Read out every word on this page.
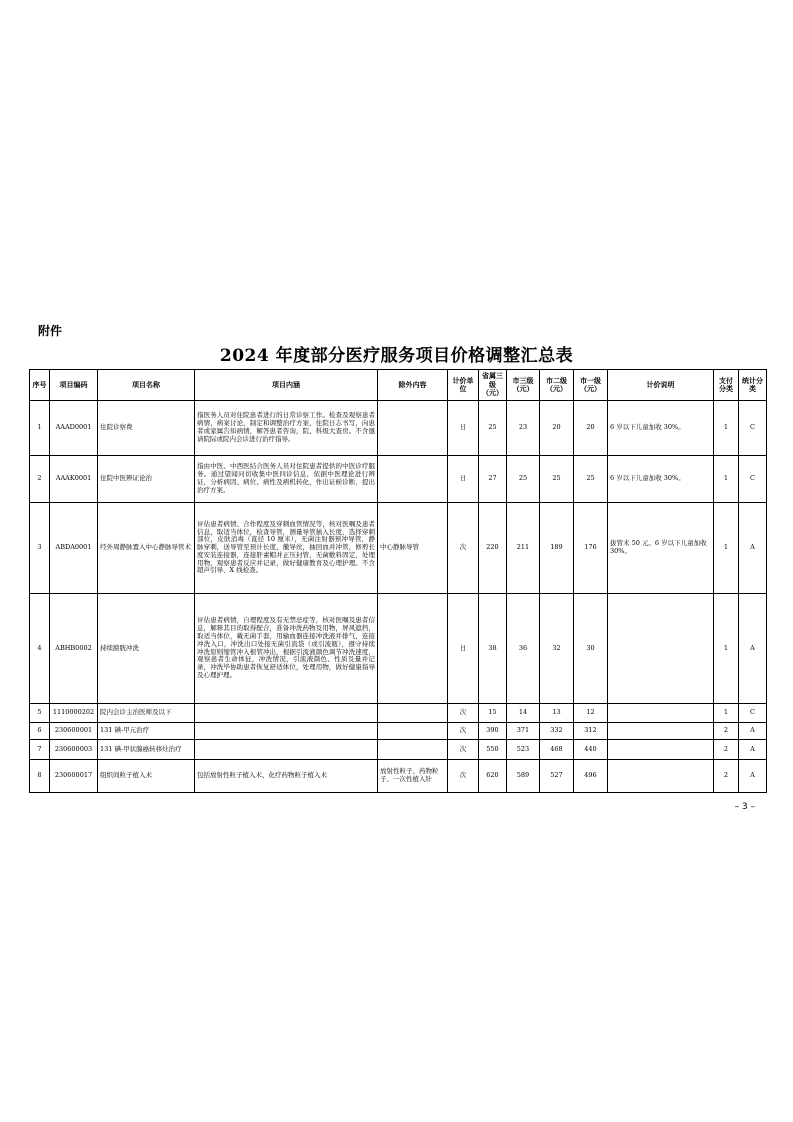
附件
2024 年度部分医疗服务项目价格调整汇总表
序号	项目编码	项目名称	项目内涵	除外内容	计价单位	省属三级（元）	市三级（元）	市二级（元）	市一级（元）	计价说明	支付分类	统计分类
1	AAAD0001	住院诊察费	指医务人员对住院患者进行的日常诊察工作。检查及观察患者病情，病案讨论，制定和调整治疗方案，住院日志书写，向患者或家属告知病情，解答患者咨询，院、科级大查房。不含邀请院际或院内会诊进行治疗指导。		日	25	23	20	20	6 岁以下儿童加收 30%。	1	C
2	AAAK0001	住院中医辨证论治	指由中医、中西医结合医务人员对住院患者提供的中医诊疗服务。通过望闻问切收集中医四诊信息，依据中医理论进行辨证，分析病因、病位、病性及病机转化，作出证候诊断，提出治疗方案。		日	27	25	25	25	6 岁以下儿童加收 30%。	1	C
3	ABDA0001	经外周静脉置入中心静脉导管术	评估患者病情、合作程度及穿刺血管情况等，核对医嘱及患者信息，取适当体位，检查导管，测量导管插入长度，选择穿刺部位，皮肤消毒（直径 10 厘米），无菌注射器预冲导管，静脉穿刺，送导管至预计长度，撤导丝，抽回血并冲管，修剪长度安装连接器，连接肝素帽并正压封管，无菌敷料固定，处理用物，观察患者反应并记录，做好健康教育及心理护理。不含超声引导、X 线检查。	中心静脉导管	次	220	211	189	176	拔管术 50 元。6 岁以下儿童加收 30%。	1	A
4	ABHB0002	持续膀胱冲洗	评估患者病情，自理程度及有无禁忌症等，核对医嘱及患者信息，解释其目的取得配合，准备冲洗药物及用物，屏风遮挡，取适当体位，戴无菌手套，用输血器连接冲洗液并排气，连接冲洗入口，冲洗出口处接无菌引流袋（或引流瓶），遵守持续冲洗原则缩管冲入根管冲出，根据引流液颜色调节冲洗速度，观察患者生命体征，冲洗情况，引流液颜色、性质及量并记录，冲洗毕协助患者恢复舒适体位，处理用物，做好健康指导及心理护理。		日	38	36	32	30		1	A
5	1110000202	院内会诊主治医师及以下			次	15	14	13	12		1	C
6	230600001	131 碘-甲亢治疗			次	390	371	332	312		2	A
7	230600003	131 碘-甲状腺癌转移灶治疗			次	550	523	468	440		2	A
8	230600017	组织间粒子植入术	包括放射性粒子植入术、化疗药物粒子植入术	放射性粒子、药物粒子、一次性植入针	次	620	589	527	496		2	A
– 3 –
